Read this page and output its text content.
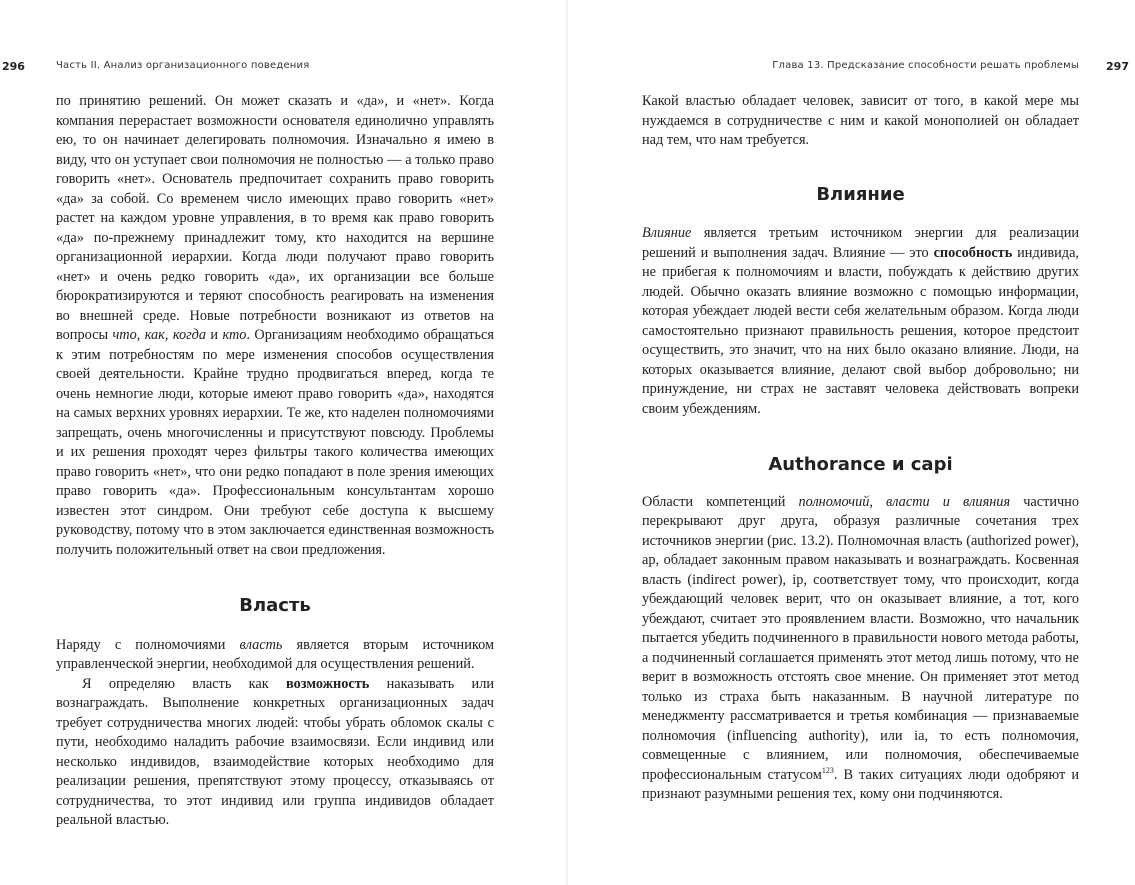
296	Часть II. Анализ организационного поведения

по принятию решений. Он может сказать и «да», и «нет». Когда компания перерастает возможности основателя единолично управлять ею, то он начинает делегировать полномочия. Изначально я имею в виду, что он уступает свои полномочия не полностью — а только право говорить «нет». Основатель предпочитает сохранить право говорить «да» за собой. Со временем число имеющих право говорить «нет» растет на каждом уровне управления, в то время как право говорить «да» по-прежнему принадлежит тому, кто находится на вершине организационной иерархии. Когда люди получают право говорить «нет» и очень редко говорить «да», их организации все больше бюрократизируются и теряют способность реагировать на изменения во внешней среде. Новые потребности возникают из ответов на вопросы что, как, когда и кто. Организациям необходимо обращаться к этим потребностям по мере изменения способов осуществления своей деятельности. Крайне трудно продвигаться вперед, когда те очень немногие люди, которые имеют право говорить «да», находятся на самых верхних уровнях иерархии. Те же, кто наделен полномочиями запрещать, очень многочисленны и присутствуют повсюду. Проблемы и их решения проходят через фильтры такого количества имеющих право говорить «нет», что они редко попадают в поле зрения имеющих право говорить «да». Профессиональным консультантам хорошо известен этот синдром. Они требуют себе доступа к высшему руководству, потому что в этом заключается единственная возможность получить положительный ответ на свои предложения.

Власть

Наряду с полномочиями власть является вторым источником управленческой энергии, необходимой для осуществления решений.

Я определяю власть как возможность наказывать или вознаграждать. Выполнение конкретных организационных задач требует сотрудничества многих людей: чтобы убрать обломок скалы с пути, необходимо наладить рабочие взаимосвязи. Если индивид или несколько индивидов, взаимодействие которых необходимо для реализации решения, препятствуют этому процессу, отказываясь от сотрудничества, то этот индивид или группа индивидов обладает реальной властью.

Глава 13. Предсказание способности решать проблемы 297

Какой властью обладает человек, зависит от того, в какой мере мы нуждаемся в сотрудничестве с ним и какой монополией он обладает над тем, что нам требуется.

Влияние

Влияние является третьим источником энергии для реализации решений и выполнения задач. Влияние — это способность индивида, не прибегая к полномочиям и власти, побуждать к действию других людей. Обычно оказать влияние возможно с помощью информации, которая убеждает людей вести себя желательным образом. Когда люди самостоятельно признают правильность решения, которое предстоит осуществить, это значит, что на них было оказано влияние. Люди, на которых оказывается влияние, делают свой выбор добровольно; ни принуждение, ни страх не заставят человека действовать вопреки своим убеждениям.

Authorance и capi

Области компетенций полномочий, власти и влияния частично перекрывают друг друга, образуя различные сочетания трех источников энергии (рис. 13.2). Полномочная власть (authorized power), ap, обладает законным правом наказывать и вознаграждать. Косвенная власть (indirect power), ip, соответствует тому, что происходит, когда убеждающий человек верит, что он оказывает влияние, а тот, кого убеждают, считает это проявлением власти. Возможно, что начальник пытается убедить подчиненного в правильности нового метода работы, а подчиненный соглашается применять этот метод лишь потому, что не верит в возможность отстоять свое мнение. Он применяет этот метод только из страха быть наказанным. В научной литературе по менеджменту рассматривается и третья комбинация — признаваемые полномочия (influencing authority), или ia, то есть полномочия, совмещенные с влиянием, или полномочия, обеспечиваемые профессиональным статусом$^{123}$. В таких ситуациях люди одобряют и признают разумными решения тех, кому они подчиняются.
